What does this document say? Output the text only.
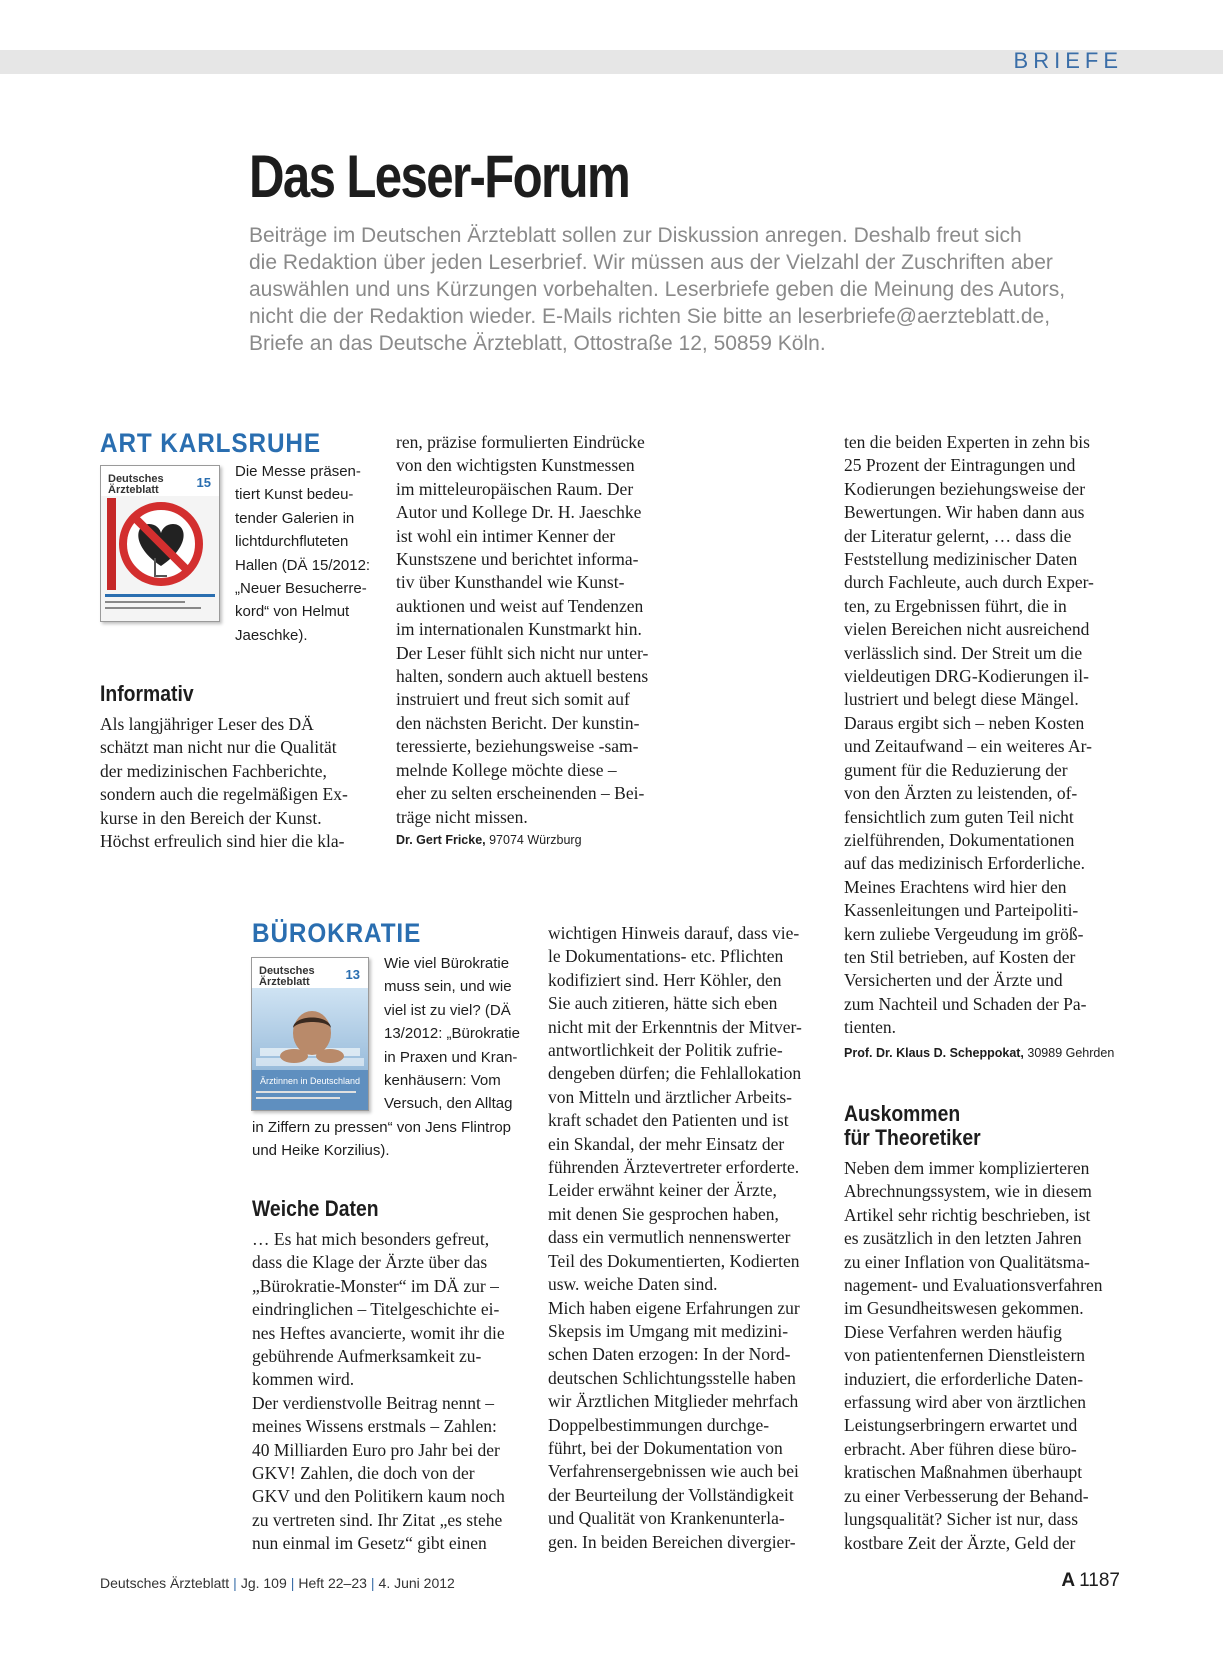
BRIEFE
Das Leser-Forum

Beiträge im Deutschen Ärzteblatt sollen zur Diskussion anregen. Deshalb freut sich

die Redaktion über jeden Leserbrief. Wir müssen aus der Vielzahl der Zuschriften aber

auswählen und uns Kürzungen vorbehalten. Leserbriefe geben die Meinung des Autors,

nicht die der Redaktion wieder. E-Mails richten Sie bitte an leserbriefe@aerzteblatt.de,

Briefe an das Deutsche Ärzteblatt, Ottostraße 12, 50859 Köln.

ART KARLSRUHE
Deutsches
Ärzteblatt	15

Die Messe präsen-

tiert Kunst bedeu-

tender Galerien in

lichtdurchfluteten

Hallen (DÄ 15/2012:

„Neuer Besucherre-

kord“ von Helmut

Jaeschke).

Informativ

Als langjähriger Leser des DÄ

schätzt man nicht nur die Qualität

der medizinischen Fachberichte,

sondern auch die regelmäßigen Ex-

kurse in den Bereich der Kunst.

Höchst erfreulich sind hier die kla-

ren, präzise formulierten Eindrücke

von den wichtigsten Kunstmessen

im mitteleuropäischen Raum. Der

Autor und Kollege Dr. H. Jaeschke

ist wohl ein intimer Kenner der

Kunstszene und berichtet informa-

tiv über Kunsthandel wie Kunst-

auktionen und weist auf Tendenzen

im internationalen Kunstmarkt hin.

Der Leser fühlt sich nicht nur unter-

halten, sondern auch aktuell bestens

instruiert und freut sich somit auf

den nächsten Bericht. Der kunstin-

teressierte, beziehungsweise -sam-

melnde Kollege möchte diese –

eher zu selten erscheinenden – Bei-

träge nicht missen.

Dr. Gert Fricke, 97074 Würzburg
BÜROKRATIE
Deutsches
Ärzteblatt	13
Ärztinnen in Deutschland

Wie viel Bürokratie

muss sein, und wie

viel ist zu viel? (DÄ

13/2012: „Bürokratie

in Praxen und Kran-

kenhäusern: Vom

Versuch, den Alltag

in Ziffern zu pressen“ von Jens Flintrop

und Heike Korzilius).

Weiche Daten

… Es hat mich besonders gefreut,

dass die Klage der Ärzte über das

„Bürokratie-Monster“ im DÄ zur –

eindringlichen – Titelgeschichte ei-

nes Heftes avancierte, womit ihr die

gebührende Aufmerksamkeit zu-

kommen wird.

Der verdienstvolle Beitrag nennt –

meines Wissens erstmals – Zahlen:

40 Milliarden Euro pro Jahr bei der

GKV! Zahlen, die doch von der

GKV und den Politikern kaum noch

zu vertreten sind. Ihr Zitat „es stehe

nun einmal im Gesetz“ gibt einen

wichtigen Hinweis darauf, dass vie-

le Dokumentations- etc. Pflichten

kodifiziert sind. Herr Köhler, den

Sie auch zitieren, hätte sich eben

nicht mit der Erkenntnis der Mitver-

antwortlichkeit der Politik zufrie-

dengeben dürfen; die Fehlallokation

von Mitteln und ärztlicher Arbeits-

kraft schadet den Patienten und ist

ein Skandal, der mehr Einsatz der

führenden Ärztevertreter erforderte.

Leider erwähnt keiner der Ärzte,

mit denen Sie gesprochen haben,

dass ein vermutlich nennenswerter

Teil des Dokumentierten, Kodierten

usw. weiche Daten sind.

Mich haben eigene Erfahrungen zur

Skepsis im Umgang mit medizini-

schen Daten erzogen: In der Nord-

deutschen Schlichtungsstelle haben

wir Ärztlichen Mitglieder mehrfach

Doppelbestimmungen durchge-

führt, bei der Dokumentation von

Verfahrensergebnissen wie auch bei

der Beurteilung der Vollständigkeit

und Qualität von Krankenunterla-

gen. In beiden Bereichen divergier-

ten die beiden Experten in zehn bis

25 Prozent der Eintragungen und

Kodierungen beziehungsweise der

Bewertungen. Wir haben dann aus

der Literatur gelernt, … dass die

Feststellung medizinischer Daten

durch Fachleute, auch durch Exper-

ten, zu Ergebnissen führt, die in

vielen Bereichen nicht ausreichend

verlässlich sind. Der Streit um die

vieldeutigen DRG-Kodierungen il-

lustriert und belegt diese Mängel.

Daraus ergibt sich – neben Kosten

und Zeitaufwand – ein weiteres Ar-

gument für die Reduzierung der

von den Ärzten zu leistenden, of-

fensichtlich zum guten Teil nicht

zielführenden, Dokumentationen

auf das medizinisch Erforderliche.

Meines Erachtens wird hier den

Kassenleitungen und Parteipoliti-

kern zuliebe Vergeudung im größ-

ten Stil betrieben, auf Kosten der

Versicherten und der Ärzte und

zum Nachteil und Schaden der Pa-

tienten.

Prof. Dr. Klaus D. Scheppokat, 30989 Gehrden
Auskommen
für Theoretiker

Neben dem immer komplizierteren

Abrechnungssystem, wie in diesem

Artikel sehr richtig beschrieben, ist

es zusätzlich in den letzten Jahren

zu einer Inflation von Qualitätsma-

nagement- und Evaluationsverfahren

im Gesundheitswesen gekommen.

Diese Verfahren werden häufig

von patientenfernen Dienstleistern

induziert, die erforderliche Daten-

erfassung wird aber von ärztlichen

Leistungserbringern erwartet und

erbracht. Aber führen diese büro-

kratischen Maßnahmen überhaupt

zu einer Verbesserung der Behand-

lungsqualität? Sicher ist nur, dass

kostbare Zeit der Ärzte, Geld der

Deutsches Ärzteblatt | Jg. 109 | Heft 22–23 | 4. Juni 2012	A 1187
